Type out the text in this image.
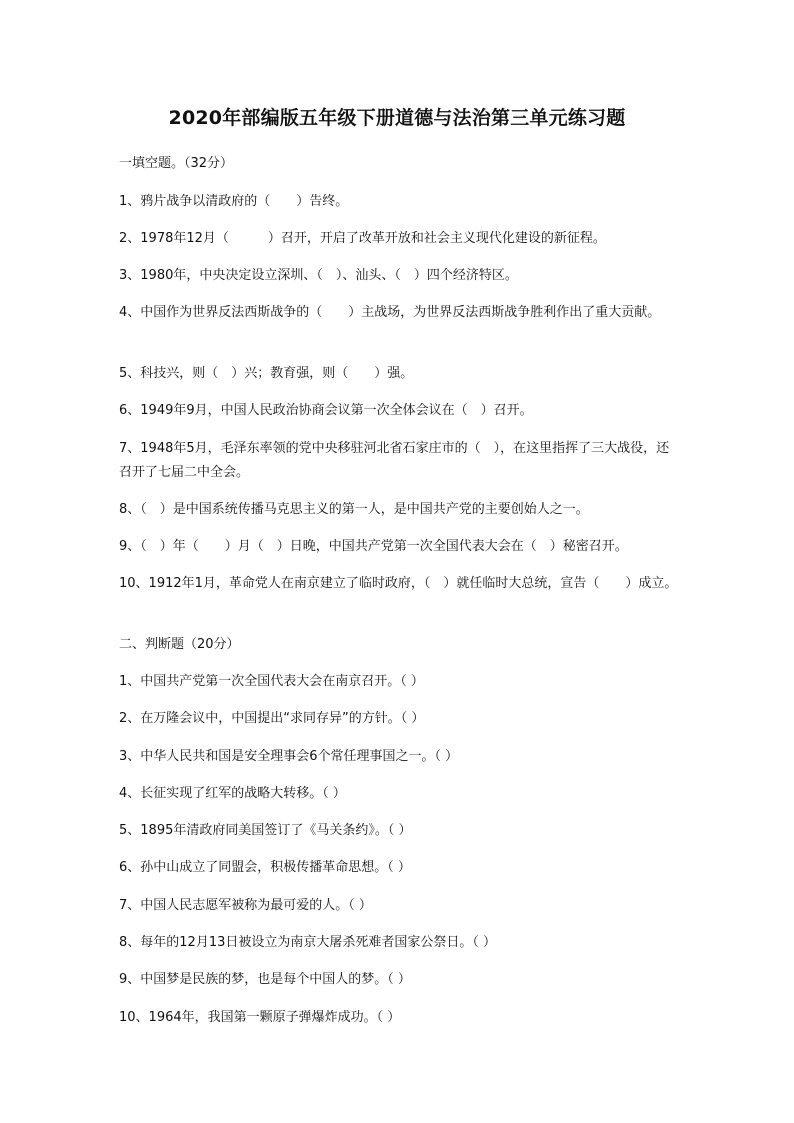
2020年部编版五年级下册道德与法治第三单元练习题
一填空题。（32分）
1、鸦片战争以清政府的（　　）告终。
2、1978年12月（　　　）召开，开启了改革开放和社会主义现代化建设的新征程。
3、1980年，中央决定设立深圳、（　）、汕头、（　）四个经济特区。
4、中国作为世界反法西斯战争的（　　）主战场，为世界反法西斯战争胜利作出了重大贡献。
5、科技兴，则（　）兴；教育强，则（　　）强。
6、1949年9月，中国人民政治协商会议第一次全体会议在（　）召开。
7、1948年5月，毛泽东率领的党中央移驻河北省石家庄市的（　），在这里指挥了三大战役，还召开了七届二中全会。
8、（　）是中国系统传播马克思主义的第一人，是中国共产党的主要创始人之一。
9、（　）年（　　）月（　）日晚，中国共产党第一次全国代表大会在（　）秘密召开。
10、1912年1月，革命党人在南京建立了临时政府，（　）就任临时大总统，宣告（　　）成立。
二、判断题（20分）
1、中国共产党第一次全国代表大会在南京召开。（ ）
2、在万隆会议中，中国提出“求同存异”的方针。（ ）
3、中华人民共和国是安全理事会6个常任理事国之一。（ ）
4、长征实现了红军的战略大转移。（ ）
5、1895年清政府同美国签订了《马关条约》。（ ）
6、孙中山成立了同盟会，积极传播革命思想。（ ）
7、中国人民志愿军被称为最可爱的人。（ ）
8、每年的12月13日被设立为南京大屠杀死难者国家公祭日。（ ）
9、中国梦是民族的梦，也是每个中国人的梦。（ ）
10、1964年，我国第一颗原子弹爆炸成功。（ ）
